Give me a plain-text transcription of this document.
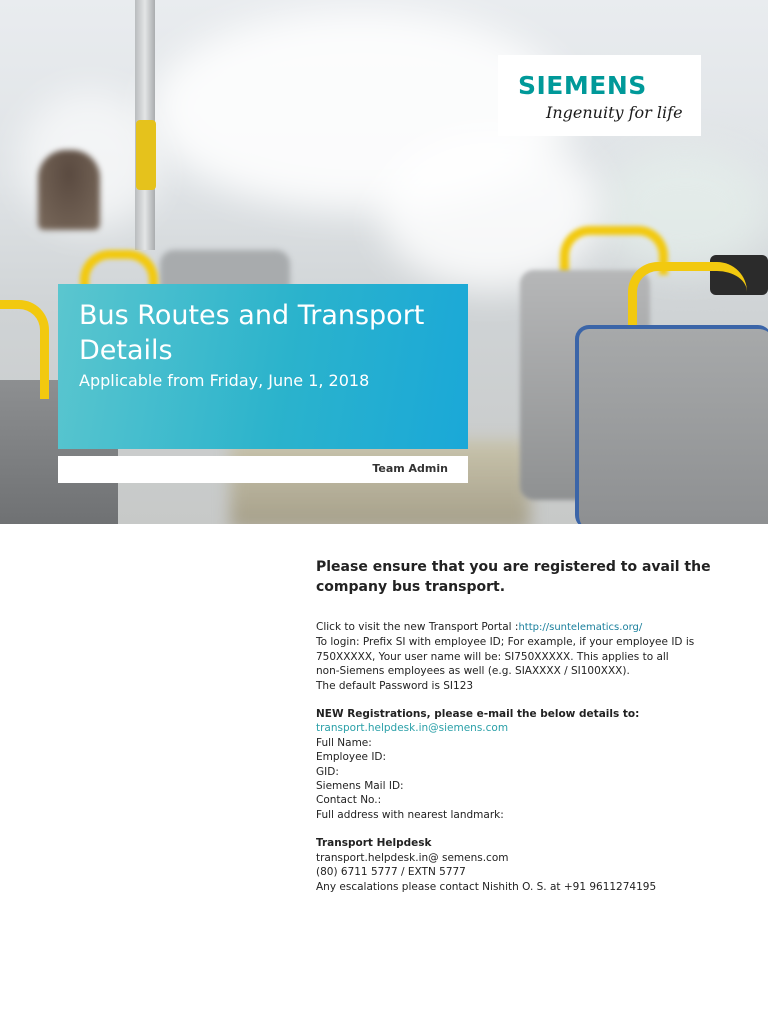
SIEMENS
Ingenuity for life
Bus Routes and Transport Details
Applicable from Friday, June 1, 2018
Team Admin

Please ensure that you are registered to avail the company bus transport.

Click to visit the new Transport Portal :http://suntelematics.org/

To login: Prefix SI with employee ID; For example, if your employee ID is

750XXXXX, Your user name will be: SI750XXXXX. This applies to all

non-Siemens employees as well (e.g. SIAXXXX / SI100XXX).

The default Password is SI123

NEW Registrations, please e-mail the below details to:

transport.helpdesk.in@siemens.com

Full Name:

Employee ID:

GID:

Siemens Mail ID:

Contact No.:

Full address with nearest landmark:

Transport Helpdesk

transport.helpdesk.in@ semens.com

(80) 6711 5777 / EXTN 5777

Any escalations please contact Nishith O. S. at +91 9611274195
